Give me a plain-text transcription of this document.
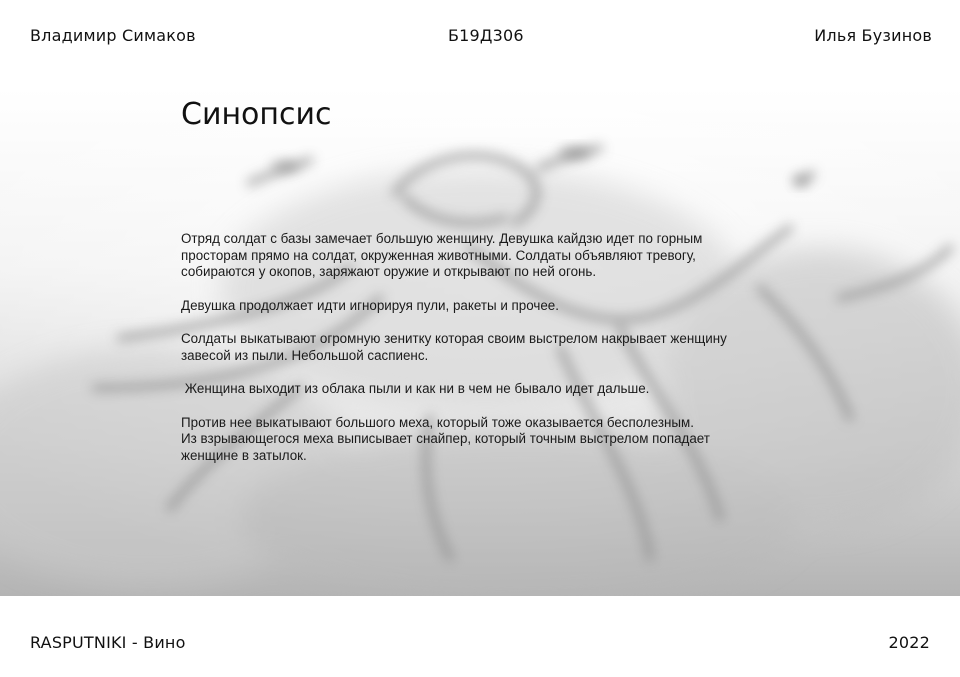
Владимир Симаков	Б19Д306	Илья Бузинов
Синопсис

Отряд солдат с базы замечает большую женщину. Девушка кайдзю идет по горным

просторам прямо на солдат, окруженная животными. Солдаты объявляют тревогу,

собираются у окопов, заряжают оружие и открывают по ней огонь.

Девушка продолжает идти игнорируя пули, ракеты и прочее.

Солдаты выкатывают огромную зенитку которая своим выстрелом накрывает женщину

завесой из пыли. Небольшой саспиенс.

Женщина выходит из облака пыли и как ни в чем не бывало идет дальше.

Против нее выкатывают большого меха, который тоже оказывается бесполезным.

Из взрывающегося меха выписывает снайпер, который точным выстрелом попадает

женщине в затылок.

RASPUTNIKI - Вино	2022
